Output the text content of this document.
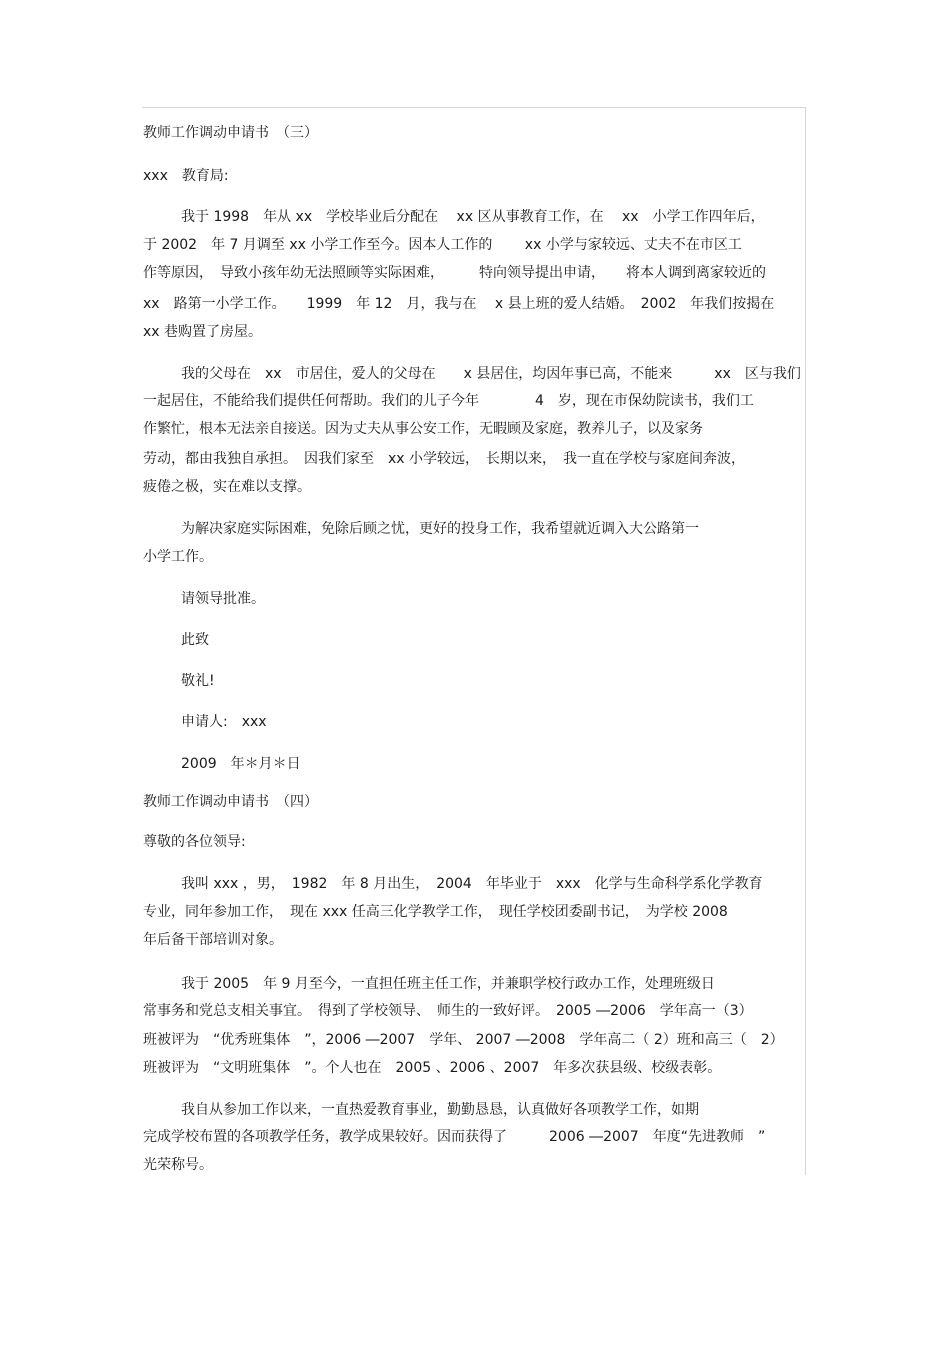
教师工作调动申请书　（三）
xxx　教育局:
我于 1998　年从 xx　学校毕业后分配在　 xx 区从事教育工作，在　 xx　小学工作四年后，
于 2002　年 7 月调至 xx 小学工作至今。因本人工作的　　 xx 小学与家较远、丈夫不在市区工
作等原因，　导致小孩年幼无法照顾等实际困难，　　　特向领导提出申请，　　将本人调到离家较近的
xx　路第一小学工作。　　1999　年 12　月，我与在　 x 县上班的爱人结婚。　2002　年我们按揭在
xx 巷购置了房屋。
我的父母在　xx　市居住，爱人的父母在　　x 县居住，均因年事已高，不能来　　　xx　区与我们
一起居住，不能给我们提供任何帮助。我们的儿子今年　　　　4　岁，现在市保幼院读书，我们工
作繁忙，根本无法亲自接送。因为丈夫从事公安工作，无暇顾及家庭，教养儿子，以及家务
劳动，都由我独自承担。　因我们家至　xx 小学较远，　长期以来，　我一直在学校与家庭间奔波，
疲倦之极，实在难以支撑。
为解决家庭实际困难，免除后顾之忧，更好的投身工作，我希望就近调入大公路第一
小学工作。
请领导批准。
此致
敬礼!
申请人:　xxx
2009　年＊月＊日
教师工作调动申请书　（四）
尊敬的各位领导:
我叫 xxx ，男，　1982　年 8 月出生，　2004　年毕业于　xxx　化学与生命科学系化学教育
专业，同年参加工作，　现在 xxx 任高三化学教学工作，　现任学校团委副书记，　为学校 2008
年后备干部培训对象。
我于 2005　年 9 月至今，一直担任班主任工作，并兼职学校行政办工作，处理班级日
常事务和党总支相关事宜。　得到了学校领导、　师生的一致好评。　2005 ―2006　学年高一（3）
班被评为　“优秀班集体　”，2006 ―2007　学年、 2007 ―2008　学年高二（ 2）班和高三（　2）
班被评为　“文明班集体　”。个人也在　2005 、2006 、2007　年多次获县级、校级表彰。
我自从参加工作以来，一直热爱教育事业，勤勤恳恳，认真做好各项教学工作，如期
完成学校布置的各项教学任务，教学成果较好。因而获得了　　　2006 ―2007　年度“先进教师　”
光荣称号。
